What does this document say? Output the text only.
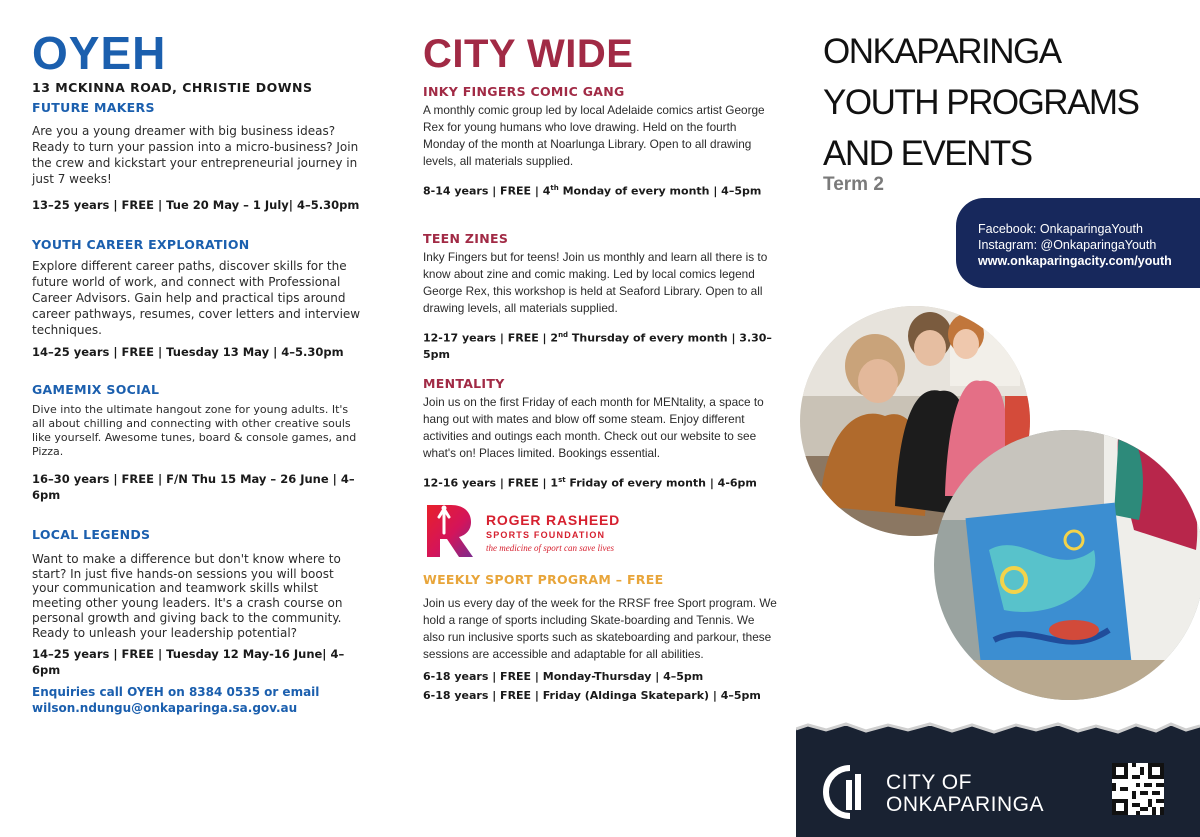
OYEH
13 MCKINNA ROAD, CHRISTIE DOWNS
FUTURE MAKERS
Are you a young dreamer with big business ideas? Ready to turn your passion into a micro-business? Join the crew and kickstart your entrepreneurial journey in just 7 weeks!
13–25 years | FREE | Tue 20 May – 1 July| 4–5.30pm
YOUTH CAREER EXPLORATION
Explore different career paths, discover skills for the future world of work, and connect with Professional Career Advisors. Gain help and practical tips around career pathways, resumes, cover letters and interview techniques.
14–25 years | FREE | Tuesday 13 May | 4–5.30pm
GAMEMIX SOCIAL
Dive into the ultimate hangout zone for young adults. It's all about chilling and connecting with other creative souls like yourself. Awesome tunes, board & console games, and Pizza.
16–30 years | FREE | F/N Thu 15 May – 26 June | 4–6pm
LOCAL LEGENDS
Want to make a difference but don't know where to start? In just five hands-on sessions you will boost your communication and teamwork skills whilst meeting other young leaders. It's a crash course on personal growth and giving back to the community. Ready to unleash your leadership potential?
14–25 years | FREE | Tuesday 12 May-16 June| 4–6pm
Enquiries call OYEH on 8384 0535 or email wilson.ndungu@onkaparinga.sa.gov.au
CITY WIDE
INKY FINGERS COMIC GANG
A monthly comic group led by local Adelaide comics artist George Rex for young humans who love drawing. Held on the fourth Monday of the month at Noarlunga Library. Open to all drawing levels, all materials supplied.
8-14 years | FREE | 4th Monday of every month | 4–5pm
TEEN ZINES
Inky Fingers but for teens! Join us monthly and learn all there is to know about zine and comic making. Led by local comics legend George Rex, this workshop is held at Seaford Library. Open to all drawing levels, all materials supplied.
12-17 years | FREE | 2nd Thursday of every month | 3.30–5pm
MENTALITY
Join us on the first Friday of each month for MENtality, a space to hang out with mates and blow off some steam. Enjoy different activities and outings each month. Check out our website to see what's on! Places limited. Bookings essential.
12-16 years | FREE | 1st Friday of every month | 4-6pm
ROGER RASHEED
SPORTS FOUNDATION
the medicine of sport can save lives
WEEKLY SPORT PROGRAM – FREE
Join us every day of the week for the RRSF free Sport program. We hold a range of sports including Skate-boarding and Tennis. We also run inclusive sports such as skateboarding and parkour, these sessions are accessible and adaptable for all abilities.
6-18 years | FREE | Monday-Thursday | 4–5pm
6-18 years | FREE | Friday (Aldinga Skatepark) | 4–5pm
ONKAPARINGA
YOUTH PROGRAMS
AND EVENTS
Term 2
Facebook: OnkaparingaYouth
Instagram: @OnkaparingaYouth
www.onkaparingacity.com/youth
CITY OF
ONKAPARINGA
